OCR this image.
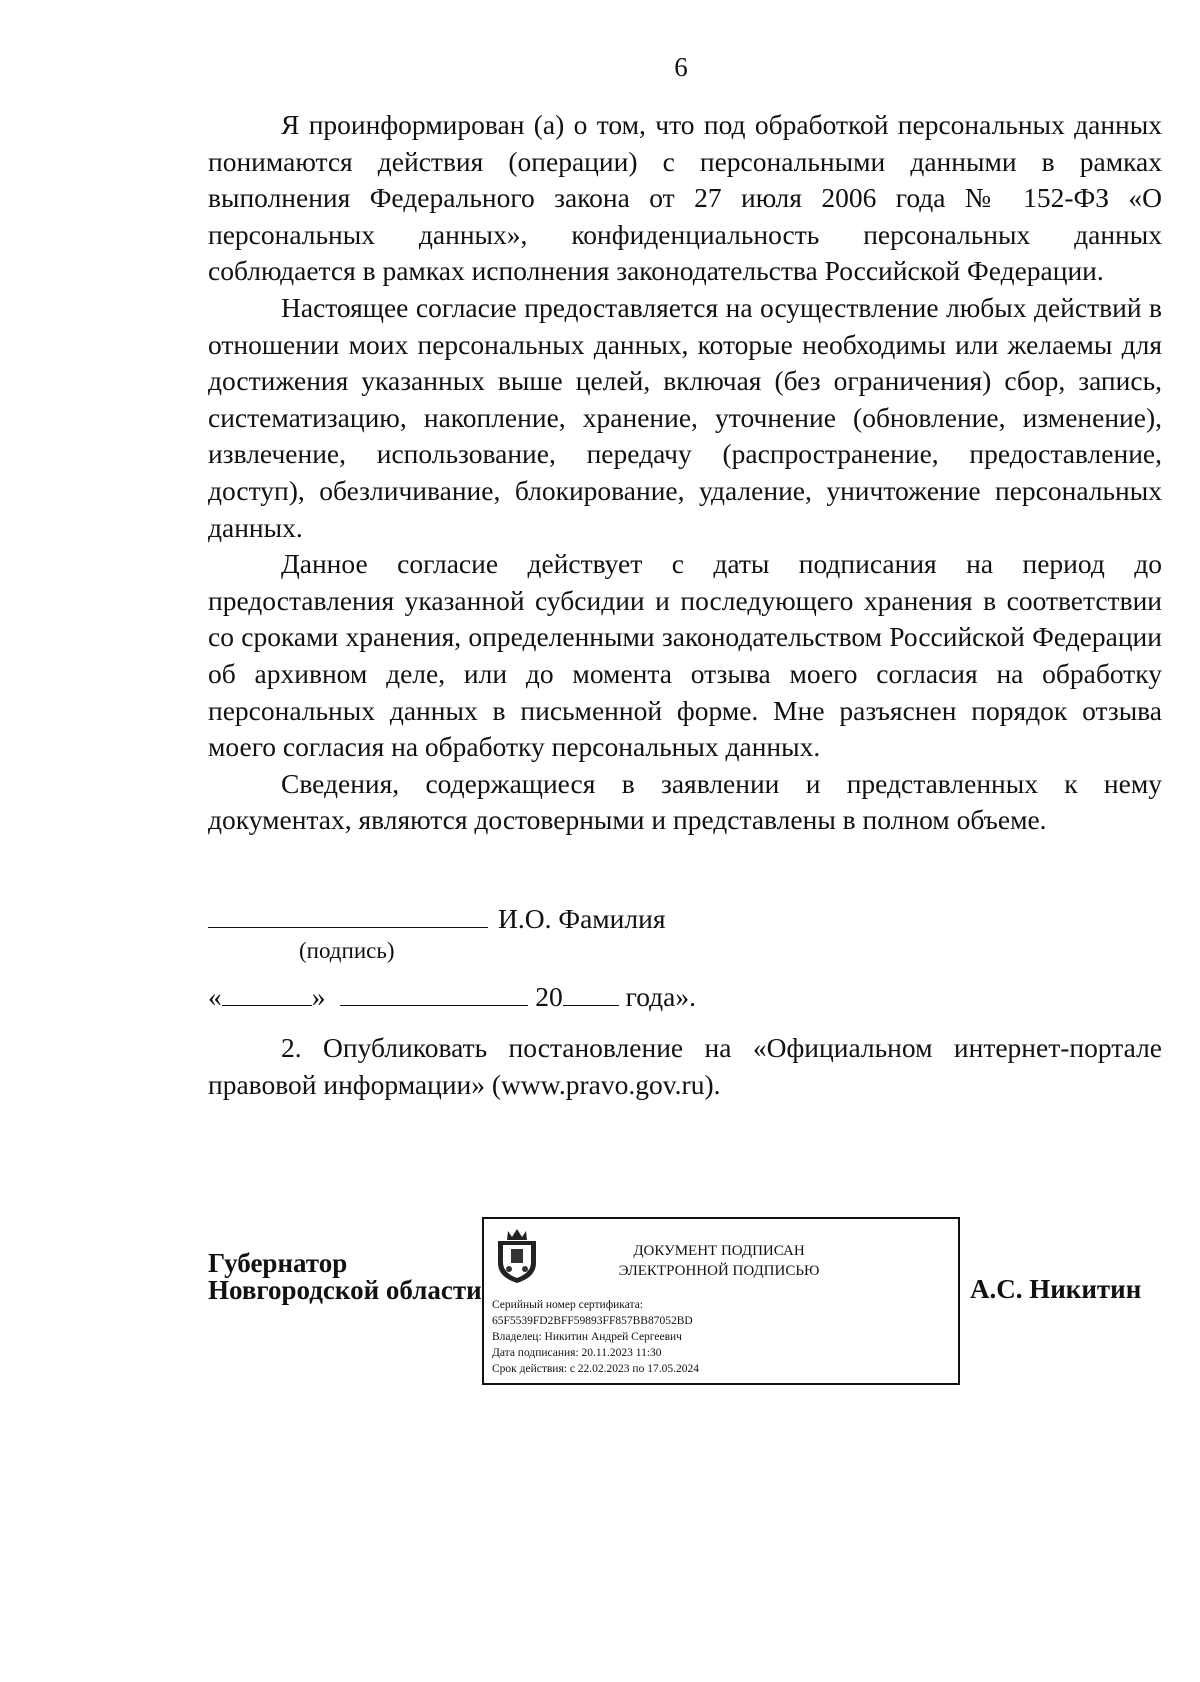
6

Я проинформирован (а) о том, что под обработкой персональных данных понимаются действия (операции) с персональными данными в рамках выполнения Федерального закона от 27 июля 2006 года № 152-ФЗ «О персональных данных», конфиденциальность персональных данных соблюдается в рамках исполнения законодательства Российской Федерации.

Настоящее согласие предоставляется на осуществление любых действий в отношении моих персональных данных, которые необходимы или желаемы для достижения указанных выше целей, включая (без ограничения) сбор, запись, систематизацию, накопление, хранение, уточнение (обновление, изменение), извлечение, использование, передачу (распространение, предоставление, доступ), обезличивание, блокирование, удаление, уничтожение персональных данных.

Данное согласие действует с даты подписания на период до предоставления указанной субсидии и последующего хранения в соответствии со сроками хранения, определенными законодательством Российской Федерации об архивном деле, или до момента отзыва моего согласия на обработку персональных данных в письменной форме. Мне разъяснен порядок отзыва моего согласия на обработку персональных данных.

Сведения, содержащиеся в заявлении и представленных к нему документах, являются достоверными и представлены в полном объеме.

И.О. Фамилия
(подпись)
«	»	20 года».

2. Опубликовать постановление на «Официальном интернет-портале правовой информации» (www.pravo.gov.ru).

Губернатор
Новгородской области
ДОКУМЕНТ ПОДПИСАН
ЭЛЕКТРОННОЙ ПОДПИСЬЮ
Серийный номер сертификата:
65F5539FD2BFF59893FF857BB87052BD
Владелец: Никитин Андрей Сергеевич
Дата подписания: 20.11.2023 11:30
Срок действия: с 22.02.2023 по 17.05.2024
А.С. Никитин
